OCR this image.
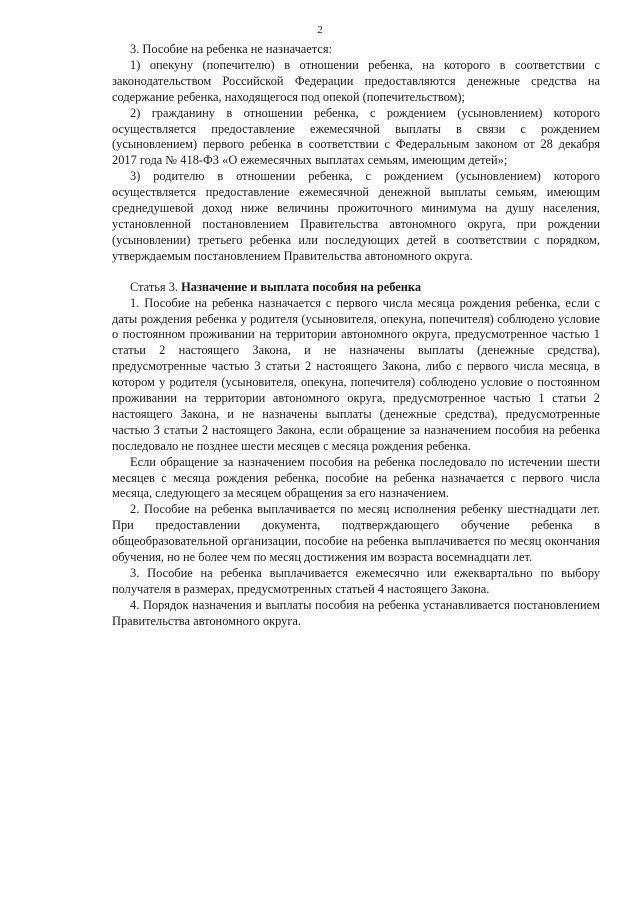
2

3. Пособие на ребенка не назначается:

1) опекуну (попечителю) в отношении ребенка, на которого в соответствии с законодательством Российской Федерации предоставляются денежные средства на содержание ребенка, находящегося под опекой (попечительством);

2) гражданину в отношении ребенка, с рождением (усыновлением) которого осуществляется предоставление ежемесячной выплаты в связи с рождением (усыновлением) первого ребенка в соответствии с Федеральным законом от 28 декабря 2017 года № 418-ФЗ «О ежемесячных выплатах семьям, имеющим детей»;

3) родителю в отношении ребенка, с рождением (усыновлением) которого осуществляется предоставление ежемесячной денежной выплаты семьям, имеющим среднедушевой доход ниже величины прожиточного минимума на душу населения, установленной постановлением Правительства автономного округа, при рождении (усыновлении) третьего ребенка или последующих детей в соответствии с порядком, утверждаемым постановлением Правительства автономного округа.

Статья 3. Назначение и выплата пособия на ребенка

1. Пособие на ребенка назначается с первого числа месяца рождения ребенка, если с даты рождения ребенка у родителя (усыновителя, опекуна, попечителя) соблюдено условие о постоянном проживании на территории автономного округа, предусмотренное частью 1 статьи 2 настоящего Закона, и не назначены выплаты (денежные средства), предусмотренные частью 3 статьи 2 настоящего Закона, либо с первого числа месяца, в котором у родителя (усыновителя, опекуна, попечителя) соблюдено условие о постоянном проживании на территории автономного округа, предусмотренное частью 1 статьи 2 настоящего Закона, и не назначены выплаты (денежные средства), предусмотренные частью 3 статьи 2 настоящего Закона, если обращение за назначением пособия на ребенка последовало не позднее шести месяцев с месяца рождения ребенка.

Если обращение за назначением пособия на ребенка последовало по истечении шести месяцев с месяца рождения ребенка, пособие на ребенка назначается с первого числа месяца, следующего за месяцем обращения за его назначением.

2. Пособие на ребенка выплачивается по месяц исполнения ребенку шестнадцати лет. При предоставлении документа, подтверждающего обучение ребенка в общеобразовательной организации, пособие на ребенка выплачивается по месяц окончания обучения, но не более чем по месяц достижения им возраста восемнадцати лет.

3. Пособие на ребенка выплачивается ежемесячно или ежеквартально по выбору получателя в размерах, предусмотренных статьей 4 настоящего Закона.

4. Порядок назначения и выплаты пособия на ребенка устанавливается постановлением Правительства автономного округа.
